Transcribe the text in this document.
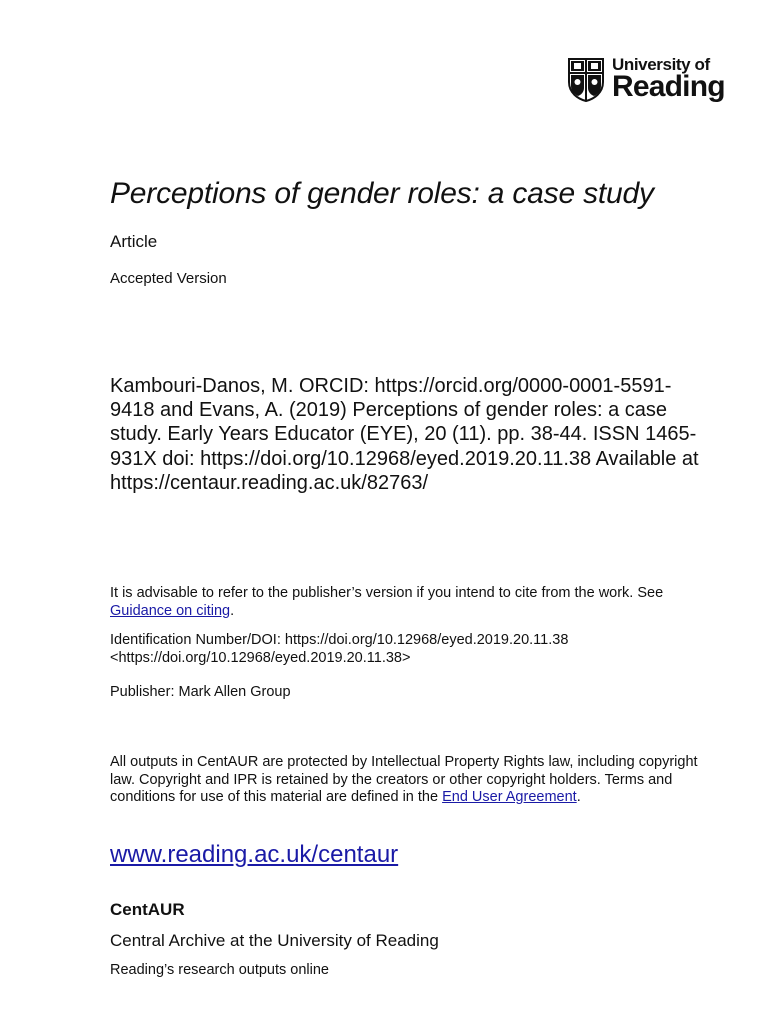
University of
Reading
Perceptions of gender roles: a case study

Article

Accepted Version

Kambouri-Danos, M. ORCID: https://orcid.org/0000-0001-5591-9418 and Evans, A. (2019) Perceptions of gender roles: a case study. Early Years Educator (EYE), 20 (11). pp. 38-44. ISSN 1465-931X doi: https://doi.org/10.12968/eyed.2019.20.11.38 Available at https://centaur.reading.ac.uk/82763/

It is advisable to refer to the publisher’s version if you intend to cite from the work. See Guidance on citing.

Identification Number/DOI: https://doi.org/10.12968/eyed.2019.20.11.38
<https://doi.org/10.12968/eyed.2019.20.11.38>

Publisher: Mark Allen Group

All outputs in CentAUR are protected by Intellectual Property Rights law, including copyright law. Copyright and IPR is retained by the creators or other copyright holders. Terms and conditions for use of this material are defined in the End User Agreement.

www.reading.ac.uk/centaur

CentAUR

Central Archive at the University of Reading

Reading’s research outputs online
